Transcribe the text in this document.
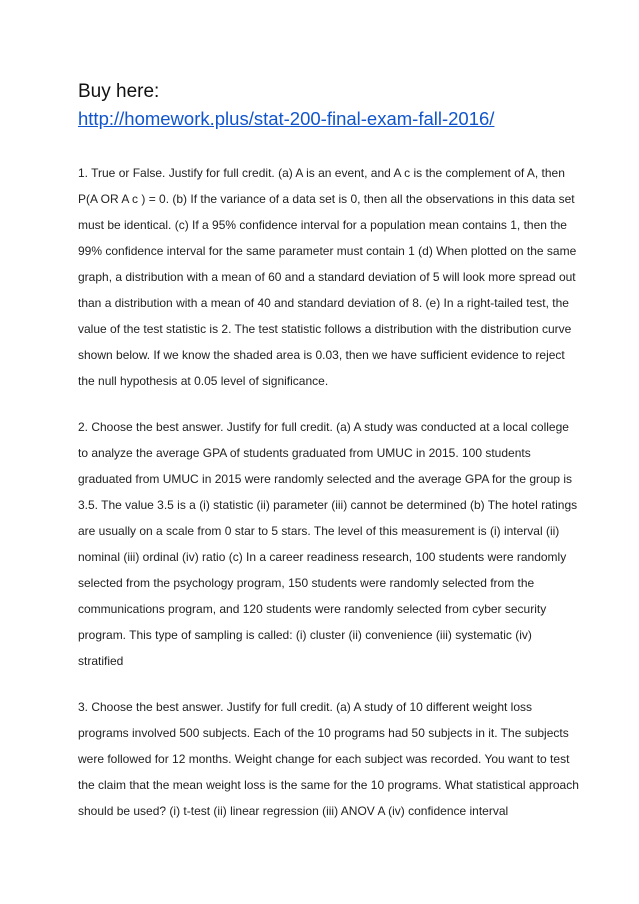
Buy here:

http://homework.plus/stat-200-final-exam-fall-2016/

1. True or False. Justify for full credit. (a) A is an event, and A c is the complement of A, then P(A OR A c ) = 0. (b) If the variance of a data set is 0, then all the observations in this data set must be identical. (c) If a 95% confidence interval for a population mean contains 1, then the 99% confidence interval for the same parameter must contain 1 (d) When plotted on the same graph, a distribution with a mean of 60 and a standard deviation of 5 will look more spread out than a distribution with a mean of 40 and standard deviation of 8. (e) In a right-tailed test, the value of the test statistic is 2. The test statistic follows a distribution with the distribution curve shown below. If we know the shaded area is 0.03, then we have sufficient evidence to reject the null hypothesis at 0.05 level of significance.

2. Choose the best answer. Justify for full credit. (a) A study was conducted at a local college to analyze the average GPA of students graduated from UMUC in 2015. 100 students graduated from UMUC in 2015 were randomly selected and the average GPA for the group is 3.5. The value 3.5 is a (i) statistic (ii) parameter (iii) cannot be determined (b) The hotel ratings are usually on a scale from 0 star to 5 stars. The level of this measurement is (i) interval (ii) nominal (iii) ordinal (iv) ratio (c) In a career readiness research, 100 students were randomly selected from the psychology program, 150 students were randomly selected from the communications program, and 120 students were randomly selected from cyber security program. This type of sampling is called: (i) cluster (ii) convenience (iii) systematic (iv) stratified

3. Choose the best answer. Justify for full credit. (a) A study of 10 different weight loss programs involved 500 subjects. Each of the 10 programs had 50 subjects in it. The subjects were followed for 12 months. Weight change for each subject was recorded. You want to test the claim that the mean weight loss is the same for the 10 programs. What statistical approach should be used? (i) t-test (ii) linear regression (iii) ANOV A (iv) confidence interval
